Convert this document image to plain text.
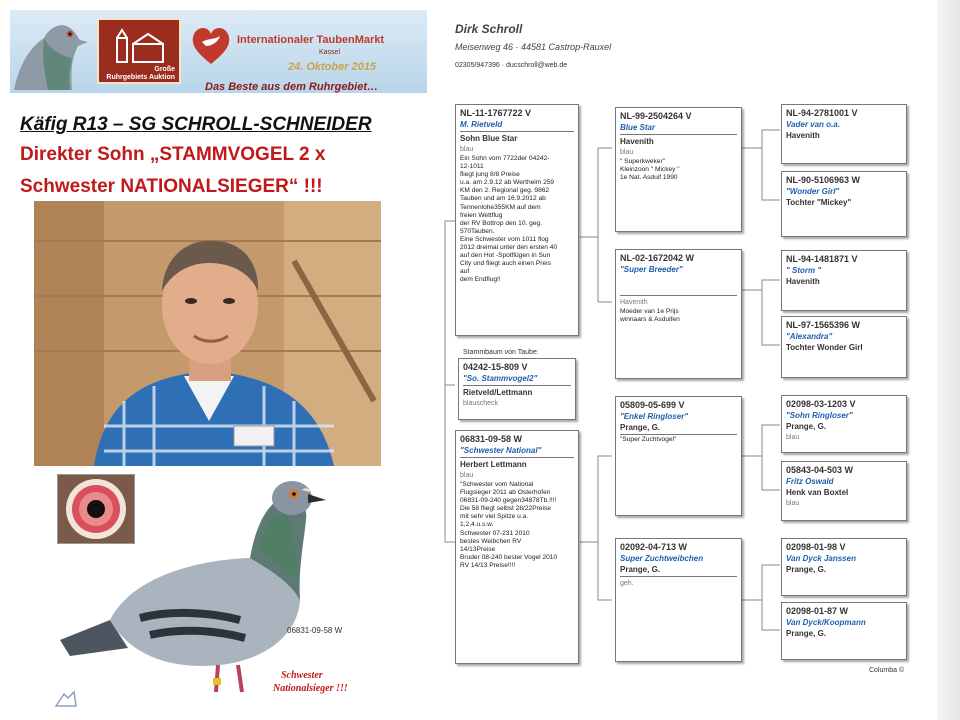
Große
Ruhrgebiets Auktion
Internationaler TaubenMarkt
Kassel
24. Oktober 2015
Das Beste aus dem Ruhrgebiet…
Käfig R13 – SG SCHROLL-SCHNEIDER
Direkter Sohn „STAMMVOGEL 2 x
Schwester NATIONALSIEGER“ !!!
06831-09-58 W
Schwester
Nationalsieger !!!
Dirk Schroll
Meisenweg 46 · 44581 Castrop-Rauxel
02305/947396 · ducschroll@web.de
Stammbaum von Taube:
04242-15-809 V
"So. Stammvogel2"
Rietveld/Lettmann
blauscheck
NL-11-1767722 V
M. Rietveld
Sohn Blue Star
blau
Ein Sohn vom 7722der 04242-
12-1011
fliegt jung 8/8 Preise
u.a. am 2.9.12 ab Wertheim 259
KM den 2. Regional geg. 9862
Tauben und am 16.9.2012 ab
Tennenlohe355KM auf dem
freien Wettflug
der RV Bottrop den 10. geg.
570Tauben.
Eine Schwester vom 1011 flog
2012 dreimal unter den ersten 40
auf den Hot -Spotflügen in Sun
City und fliegt auch einen Preis
auf
dem Endflug!!
06831-09-58 W
"Schwester National"
Herbert Lettmann
blau
"Schwester vom National
Flugsieger 2011 ab Osterhofen
06831-09-240 gegen34878Tb.!!!!
Die 58 fliegt selbst 28/22Preise
mit sehr viel Spitze u.a.
1,2,4.u.s.w.
Schwester 07-231 2010
bestes Weibchen RV
14/13Preise
Bruder 08-240 bester Vogel 2010
RV 14/13 Preise!!!!
NL-99-2504264 V
Blue Star
Havenith
blau
" Superkweker"
Kleinzoon " Mickey "
1e Nat. Asduif 1990
NL-02-1672042 W
"Super Breeder"
Havenith
Moeder van 1e Prijs
winnaars & Asduifen
05809-05-699 V
"Enkel Ringloser"
Prange, G.
"Super Zuchtvogel"
02092-04-713 W
Super Zuchtweibchen
Prange, G.
geh.
NL-94-2781001 V
Vader van o.a.
Havenith
NL-90-5106963 W
"Wonder Girl"
Tochter "Mickey"
NL-94-1481871 V
" Storm "
Havenith
NL-97-1565396 W
"Alexandra"
Tochter Wonder Girl
02098-03-1203 V
"Sohn Ringloser"
Prange, G.
blau
05843-04-503 W
Fritz Oswald
Henk van Boxtel
blau
02098-01-98 V
Van Dyck Janssen
Prange, G.
02098-01-87 W
Van Dyck/Koopmann
Prange, G.
Columba ©
